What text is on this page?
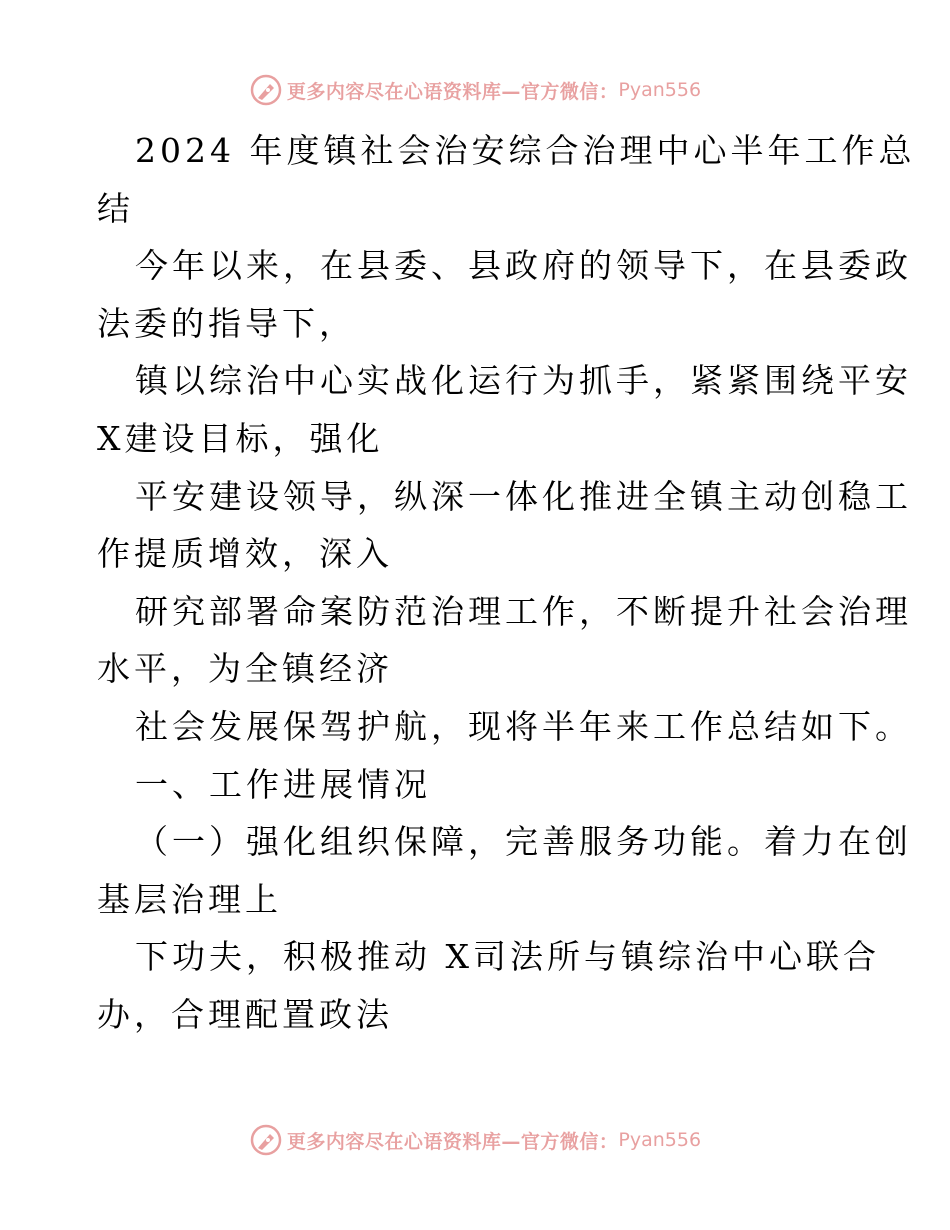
更多内容尽在心语资料库—官方微信： Pyan556
2024 年度镇社会治安综合治理中心半年工作总
结
今年以来，在县委、县政府的领导下，在县委政
法委的指导下，
镇以综治中心实战化运行为抓手，紧紧围绕平安
X建设目标，强化
平安建设领导，纵深一体化推进全镇主动创稳工
作提质增效，深入
研究部署命案防范治理工作，不断提升社会治理
水平，为全镇经济
社会发展保驾护航，现将半年来工作总结如下。
一、工作进展情况
（一）强化组织保障，完善服务功能。着力在创
基层治理上
下功夫，积极推动 X司法所与镇综治中心联合
办，合理配置政法
更多内容尽在心语资料库—官方微信： Pyan556
